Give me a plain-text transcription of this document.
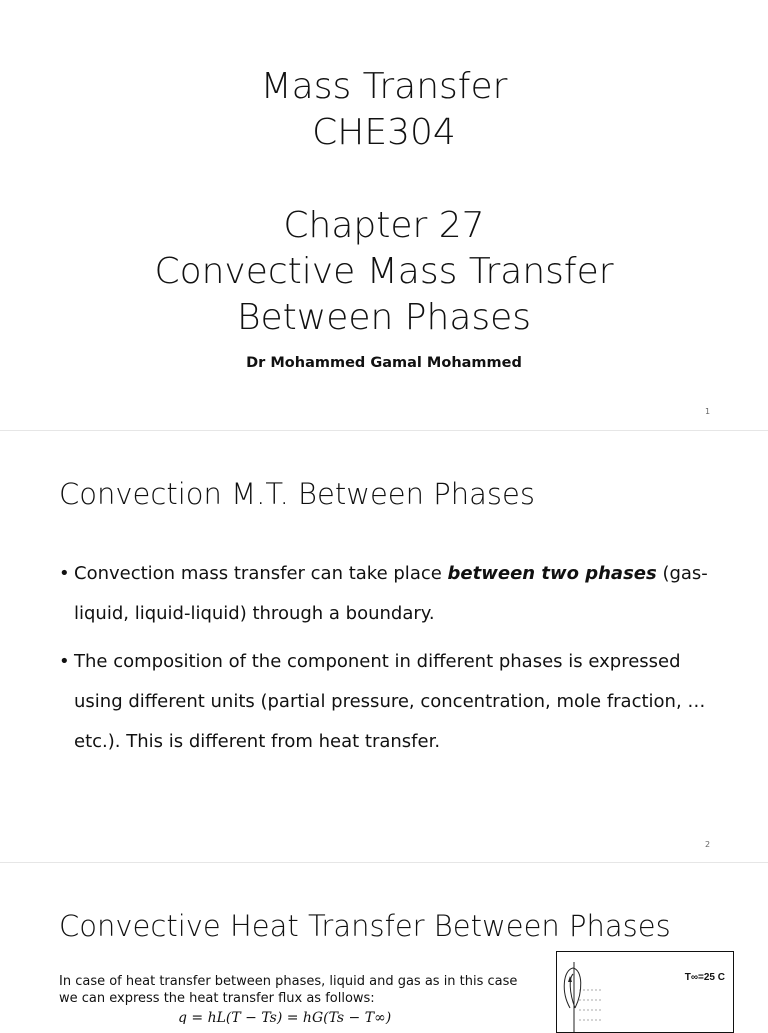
Mass Transfer
CHE304
Chapter 27
Convective Mass Transfer
Between Phases
Dr Mohammed Gamal Mohammed
1
Convection M.T. Between Phases
• Convection mass transfer can take place between two phases (gas-liquid, liquid-liquid) through a boundary.
• The composition of the component in different phases is expressed using different units (partial pressure, concentration, mole fraction, … etc.). This is different from heat transfer.
2
Convective Heat Transfer Between Phases
In case of heat transfer between phases, liquid and gas as in this case we can express the heat transfer flux as follows:
q = hL(T − Ts) = hG(Ts − T∞)
T∞=25 C
